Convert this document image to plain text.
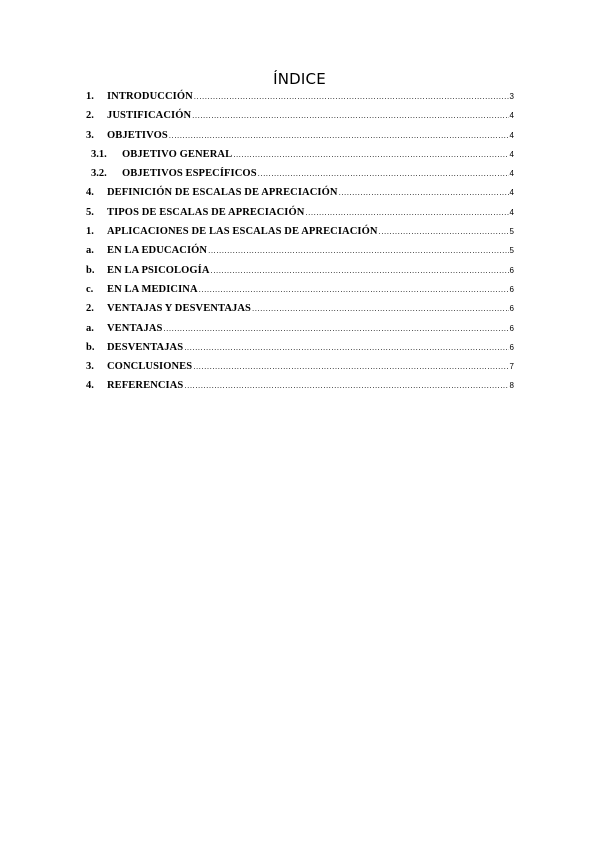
ÍNDICE
1.	INTRODUCCIÓN .....	3
2.	JUSTIFICACIÓN .....	4
3.	OBJETIVOS .....	4
3.1.	OBJETIVO GENERAL .....	4
3.2.	OBJETIVOS ESPECÍFICOS .....	4
4.	DEFINICIÓN DE ESCALAS DE APRECIACIÓN .....	4
5.	TIPOS DE ESCALAS DE APRECIACIÓN .....	4
1.	APLICACIONES DE LAS ESCALAS DE APRECIACIÓN .....	5
a.	EN LA EDUCACIÓN .....	5
b.	EN LA PSICOLOGÍA .....	6
c.	EN LA MEDICINA .....	6
2.	VENTAJAS Y DESVENTAJAS .....	6
a.	VENTAJAS .....	6
b.	DESVENTAJAS .....	6
3.	CONCLUSIONES .....	7
4.	REFERENCIAS .....	8
